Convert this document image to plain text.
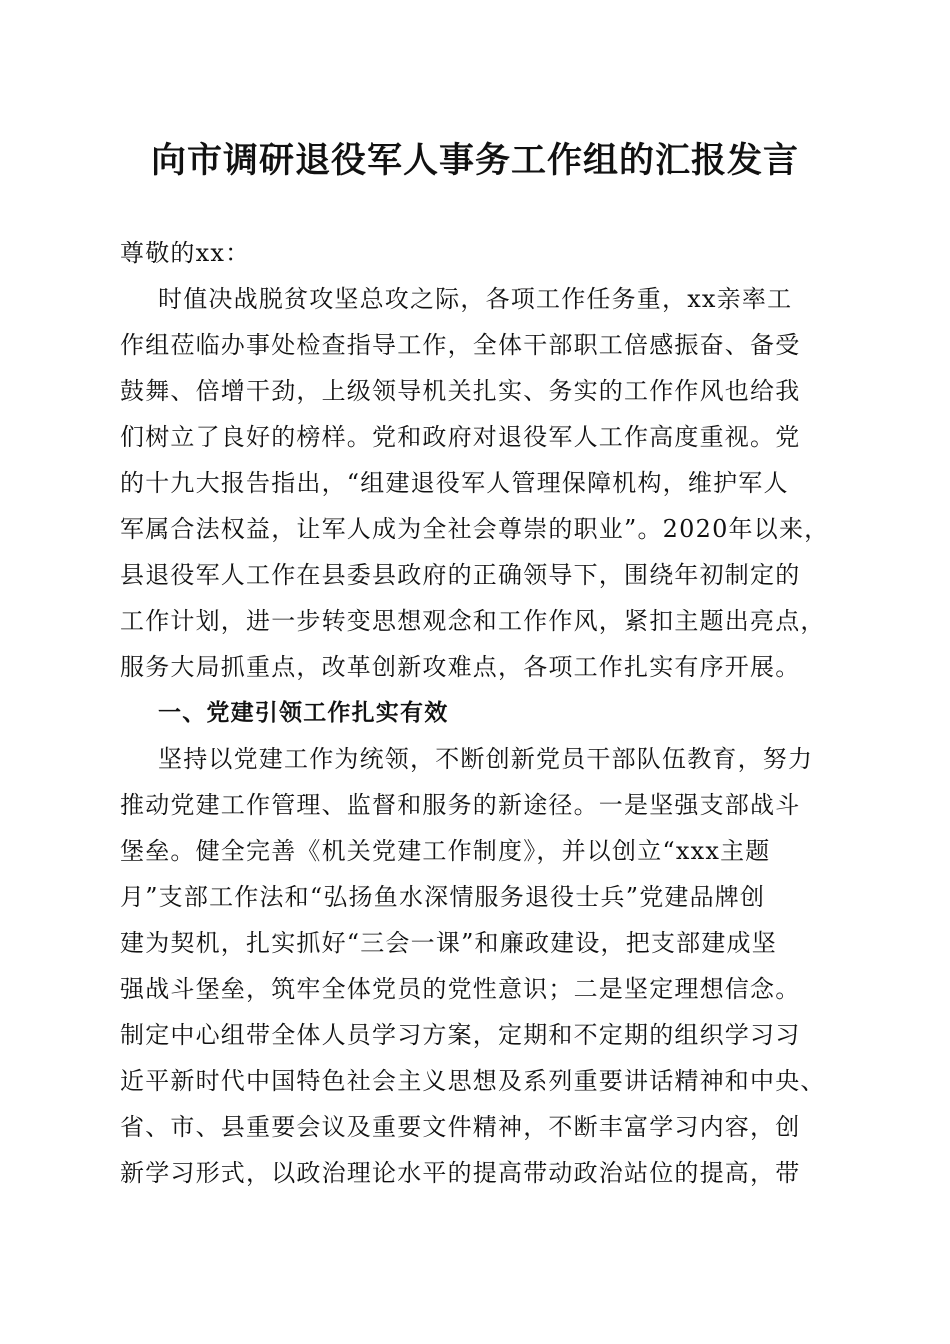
向市调研退役军人事务工作组的汇报发言
尊敬的xx：
时值决战脱贫攻坚总攻之际，各项工作任务重，xx亲率工
作组莅临办事处检查指导工作，全体干部职工倍感振奋、备受
鼓舞、倍增干劲，上级领导机关扎实、务实的工作作风也给我
们树立了良好的榜样。党和政府对退役军人工作高度重视。党
的十九大报告指出，“组建退役军人管理保障机构，维护军人
军属合法权益，让军人成为全社会尊崇的职业”。2020年以来，
县退役军人工作在县委县政府的正确领导下，围绕年初制定的
工作计划，进一步转变思想观念和工作作风，紧扣主题出亮点，
服务大局抓重点，改革创新攻难点，各项工作扎实有序开展。
一、党建引领工作扎实有效
坚持以党建工作为统领，不断创新党员干部队伍教育，努力
推动党建工作管理、监督和服务的新途径。一是坚强支部战斗
堡垒。健全完善《机关党建工作制度》，并以创立“xxx主题
月”支部工作法和“弘扬鱼水深情服务退役士兵”党建品牌创
建为契机，扎实抓好“三会一课”和廉政建设，把支部建成坚
强战斗堡垒，筑牢全体党员的党性意识；二是坚定理想信念。
制定中心组带全体人员学习方案，定期和不定期的组织学习习
近平新时代中国特色社会主义思想及系列重要讲话精神和中央、
省、市、县重要会议及重要文件精神，不断丰富学习内容，创
新学习形式，以政治理论水平的提高带动政治站位的提高，带
